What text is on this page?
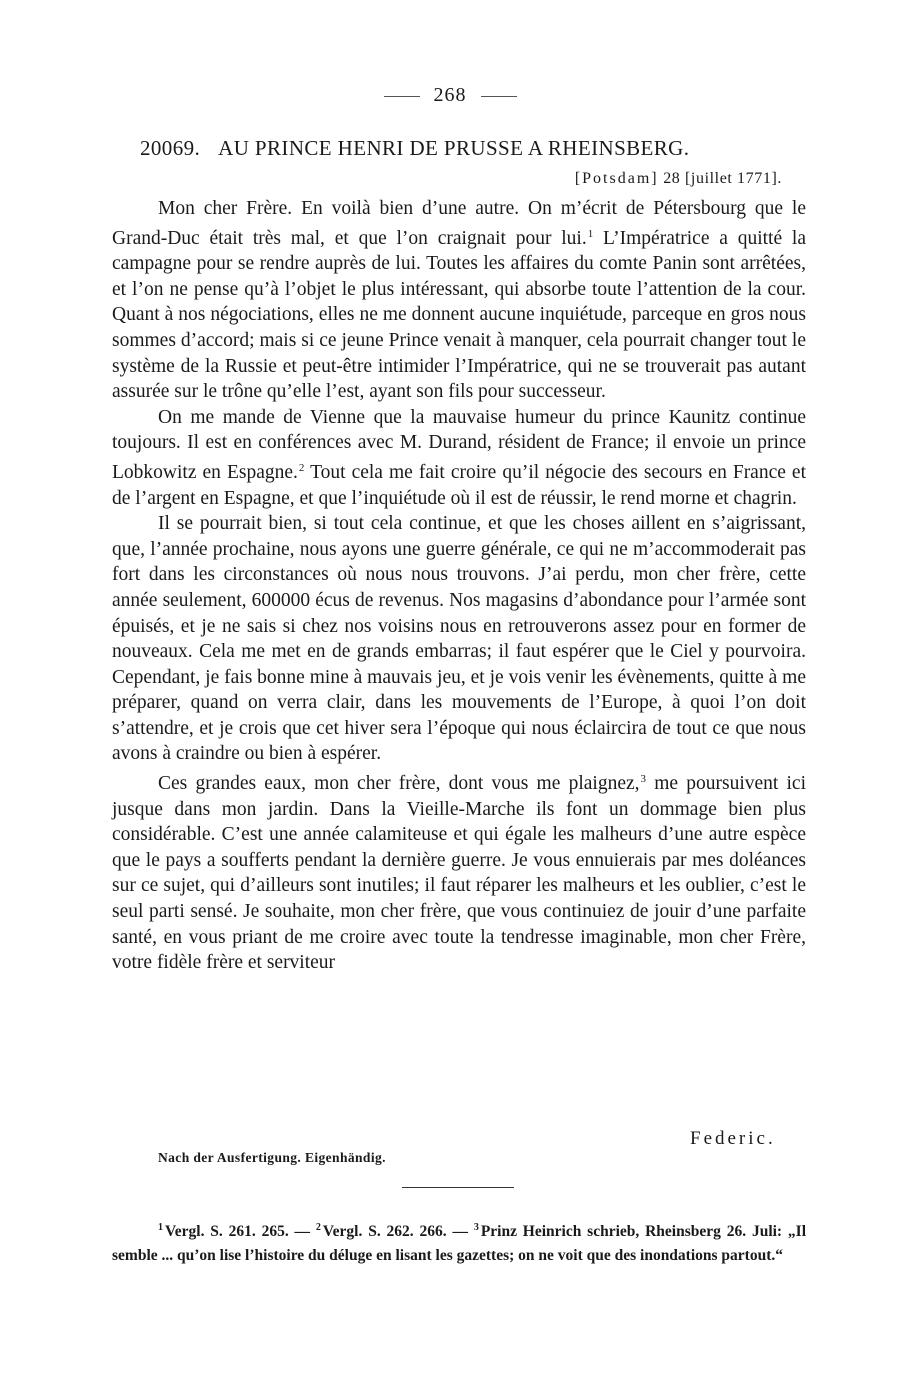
268
20069. AU PRINCE HENRI DE PRUSSE A RHEINSBERG.
[Potsdam] 28 [juillet 1771].

Mon cher Frère. En voilà bien d’une autre. On m’écrit de Pétersbourg que le Grand-Duc était très mal, et que l’on craignait pour lui.$^1$ L’Impératrice a quitté la campagne pour se rendre auprès de lui. Toutes les affaires du comte Panin sont arrêtées, et l’on ne pense qu’à l’objet le plus intéressant, qui absorbe toute l’attention de la cour. Quant à nos négociations, elles ne me donnent aucune inquiétude, parceque en gros nous sommes d’accord; mais si ce jeune Prince venait à manquer, cela pourrait changer tout le système de la Russie et peut-être intimider l’Impératrice, qui ne se trouverait pas autant assurée sur le trône qu’elle l’est, ayant son fils pour successeur.

On me mande de Vienne que la mauvaise humeur du prince Kaunitz continue toujours. Il est en conférences avec M. Durand, résident de France; il envoie un prince Lobkowitz en Espagne.$^2$ Tout cela me fait croire qu’il négocie des secours en France et de l’argent en Espagne, et que l’inquiétude où il est de réussir, le rend morne et chagrin.

Il se pourrait bien, si tout cela continue, et que les choses aillent en s’aigrissant, que, l’année prochaine, nous ayons une guerre générale, ce qui ne m’accommoderait pas fort dans les circonstances où nous nous trouvons. J’ai perdu, mon cher frère, cette année seulement, 600000 écus de revenus. Nos magasins d’abondance pour l’armée sont épuisés, et je ne sais si chez nos voisins nous en retrouverons assez pour en former de nouveaux. Cela me met en de grands embarras; il faut espérer que le Ciel y pourvoira. Cependant, je fais bonne mine à mauvais jeu, et je vois venir les évènements, quitte à me préparer, quand on verra clair, dans les mouvements de l’Europe, à quoi l’on doit s’attendre, et je crois que cet hiver sera l’époque qui nous éclaircira de tout ce que nous avons à craindre ou bien à espérer.

Ces grandes eaux, mon cher frère, dont vous me plaignez,$^3$ me poursuivent ici jusque dans mon jardin. Dans la Vieille-Marche ils font un dommage bien plus considérable. C’est une année calamiteuse et qui égale les malheurs d’une autre espèce que le pays a soufferts pendant la dernière guerre. Je vous ennuierais par mes doléances sur ce sujet, qui d’ailleurs sont inutiles; il faut réparer les malheurs et les oublier, c’est le seul parti sensé. Je souhaite, mon cher frère, que vous continuiez de jouir d’une parfaite santé, en vous priant de me croire avec toute la tendresse imaginable, mon cher Frère, votre fidèle frère et serviteur

Federic.
Nach der Ausfertigung. Eigenhändig.
$^1$ Vergl. S. 261. 265. — $^2$ Vergl. S. 262. 266. — $^3$ Prinz Heinrich schrieb, Rheinsberg 26. Juli: „Il semble ... qu’on lise l’histoire du déluge en lisant les gazettes; on ne voit que des inondations partout.“
